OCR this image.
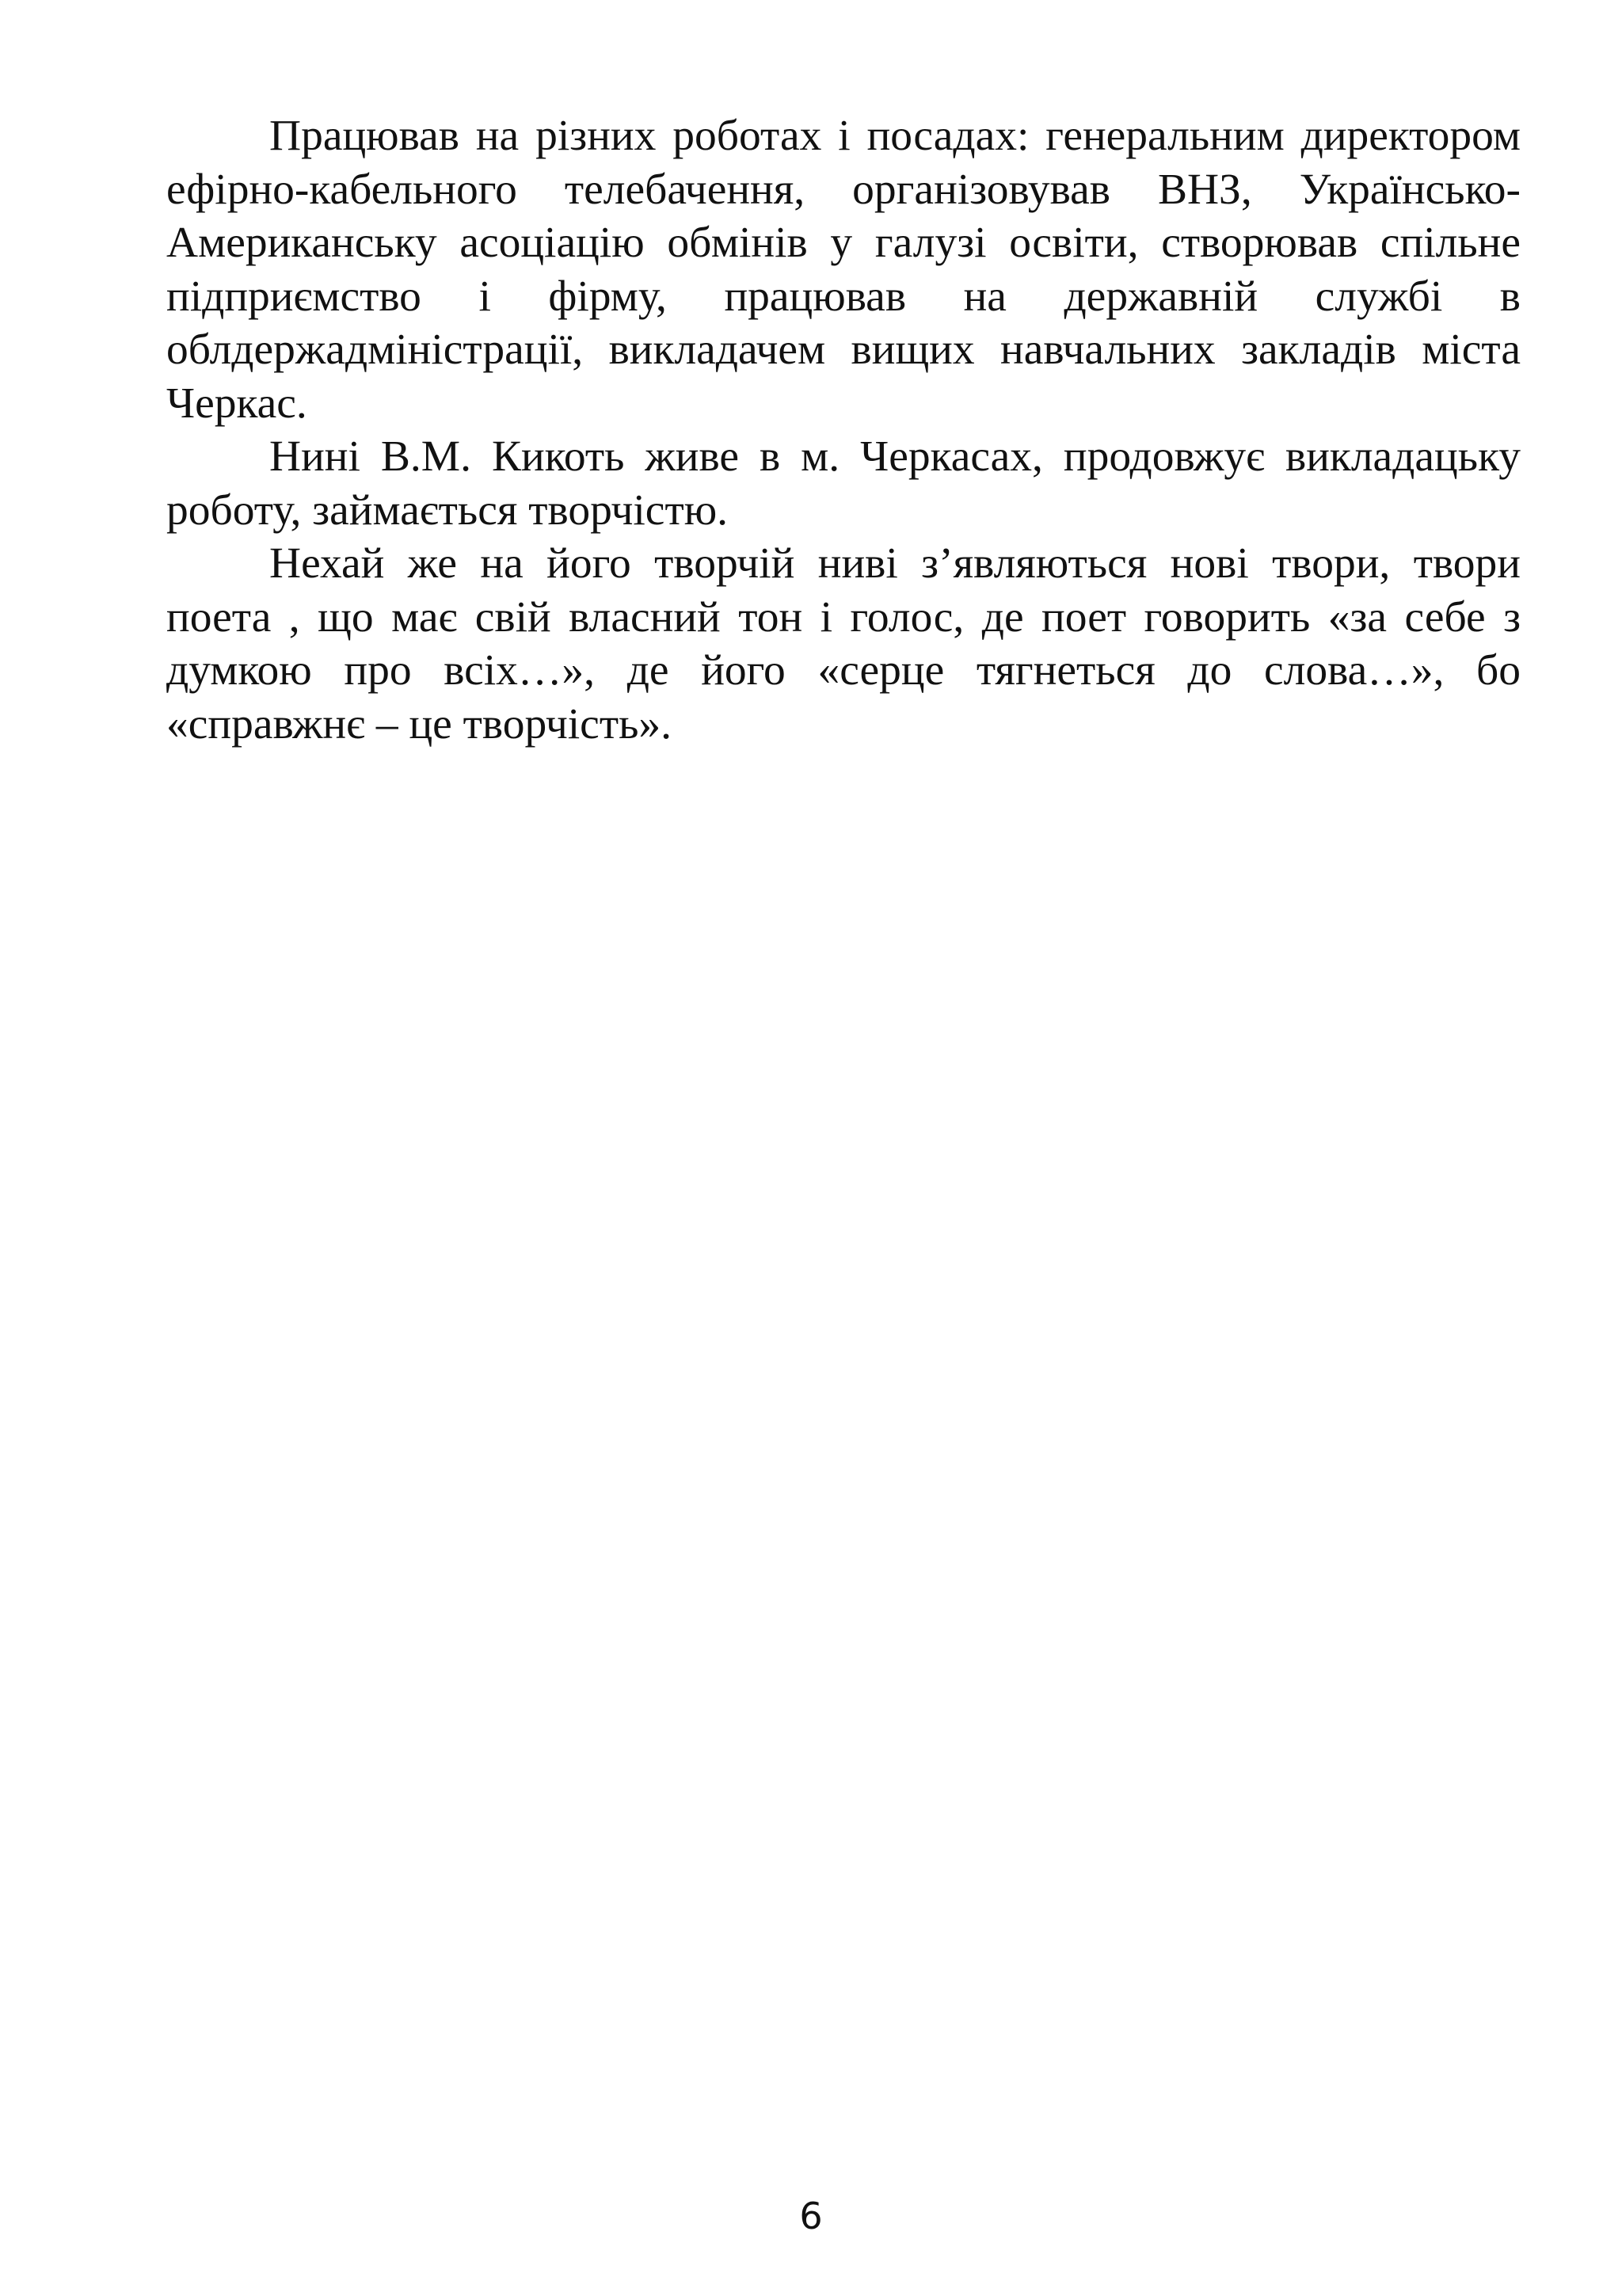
Працював на різних роботах і посадах: генеральним директором ефірно-кабельного телебачення, організовував ВНЗ, Українсько-Американську асоціацію обмінів у галузі освіти, створював спільне підприємство і фірму, працював на державній службі в облдержадміністрації, викладачем вищих навчальних закладів міста Черкас.

Нині В.М. Кикоть живе в м. Черкасах, продовжує викладацьку роботу, займається творчістю.

Нехай же на його творчій ниві з’являються нові твори, твори поета , що має свій власний тон і голос, де поет говорить «за себе з думкою про всіх…», де його «серце тягнеться до слова…», бо «справжнє – це творчість».

6
